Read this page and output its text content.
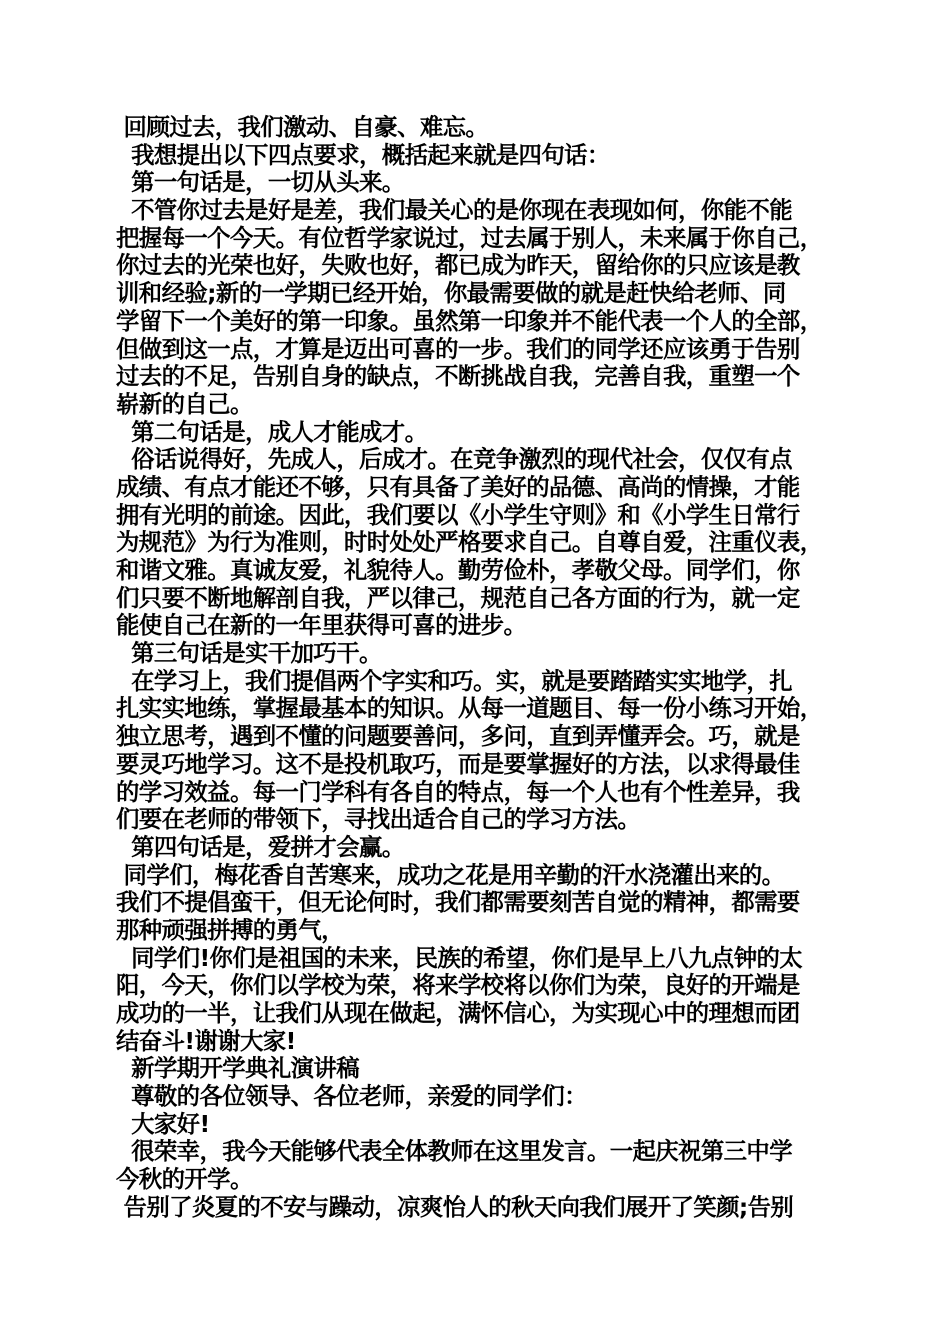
回顾过去，我们激动、自豪、难忘。
我想提出以下四点要求，概括起来就是四句话：
第一句话是，一切从头来。
不管你过去是好是差，我们最关心的是你现在表现如何，你能不能
把握每一个今天。有位哲学家说过，过去属于别人，未来属于你自己，
你过去的光荣也好，失败也好，都已成为昨天，留给你的只应该是教
训和经验;新的一学期已经开始，你最需要做的就是赶快给老师、同
学留下一个美好的第一印象。虽然第一印象并不能代表一个人的全部，
但做到这一点，才算是迈出可喜的一步。我们的同学还应该勇于告别
过去的不足，告别自身的缺点，不断挑战自我，完善自我，重塑一个
崭新的自己。
第二句话是，成人才能成才。
俗话说得好，先成人，后成才。在竞争激烈的现代社会，仅仅有点
成绩、有点才能还不够，只有具备了美好的品德、高尚的情操，才能
拥有光明的前途。因此，我们要以《小学生守则》和《小学生日常行
为规范》为行为准则，时时处处严格要求自己。自尊自爱，注重仪表，
和谐文雅。真诚友爱，礼貌待人。勤劳俭朴，孝敬父母。同学们，你
们只要不断地解剖自我，严以律己，规范自己各方面的行为，就一定
能使自己在新的一年里获得可喜的进步。
第三句话是实干加巧干。
在学习上，我们提倡两个字实和巧。实，就是要踏踏实实地学，扎
扎实实地练，掌握最基本的知识。从每一道题目、每一份小练习开始，
独立思考，遇到不懂的问题要善问，多问，直到弄懂弄会。巧，就是
要灵巧地学习。这不是投机取巧，而是要掌握好的方法，以求得最佳
的学习效益。每一门学科有各自的特点，每一个人也有个性差异，我
们要在老师的带领下，寻找出适合自己的学习方法。
第四句话是，爱拼才会赢。
同学们，梅花香自苦寒来，成功之花是用辛勤的汗水浇灌出来的。
我们不提倡蛮干，但无论何时，我们都需要刻苦自觉的精神，都需要
那种顽强拼搏的勇气，
同学们!你们是祖国的未来，民族的希望，你们是早上八九点钟的太
阳，今天，你们以学校为荣，将来学校将以你们为荣，良好的开端是
成功的一半，让我们从现在做起，满怀信心，为实现心中的理想而团
结奋斗!谢谢大家!
新学期开学典礼演讲稿
尊敬的各位领导、各位老师，亲爱的同学们：
大家好!
很荣幸，我今天能够代表全体教师在这里发言。一起庆祝第三中学
今秋的开学。
告别了炎夏的不安与躁动，凉爽怡人的秋天向我们展开了笑颜;告别
